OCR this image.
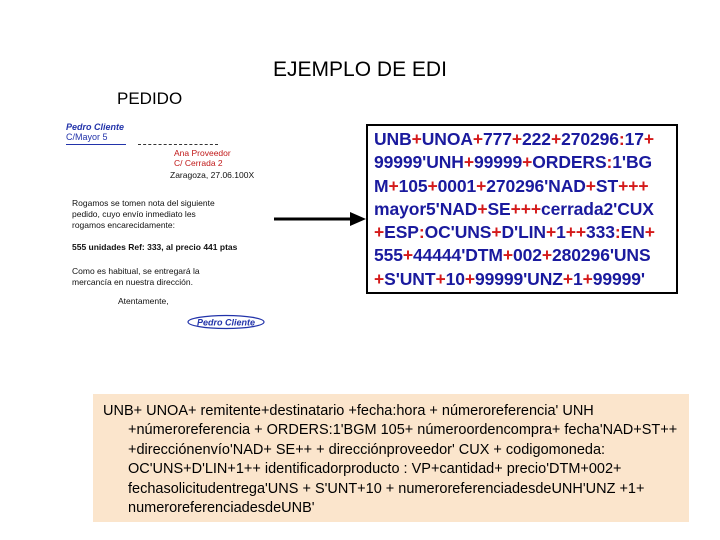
EJEMPLO DE EDI
PEDIDO
Pedro Cliente
C/Mayor 5
Ana Proveedor
C/ Cerrada 2
Zaragoza, 27.06.100X
Rogamos se tomen nota del siguiente
pedido, cuyo envío inmediato les
rogamos encarecidamente:
555 unidades Ref: 333, al precio 441 ptas
Como es habitual, se entregará la
mercancía en nuestra dirección.
Atentamente,
Pedro Cliente
UNB+UNOA+777+222+270296:17+
99999'UNH+99999+ORDERS:1'BG
M+105+0001+270296'NAD+ST+++
mayor5'NAD+SE+++cerrada2'CUX
+ESP:OC'UNS+D'LIN+1++333:EN+
555+44444'DTM+002+280296'UNS
+S'UNT+10+99999'UNZ+1+99999'

UNB+ UNOA+ remitente+destinatario +fecha:hora + númeroreferencia' UNH +númeroreferencia + ORDERS:1'BGM 105+ númeroordencompra+ fecha'NAD+ST++ +direcciónenvío'NAD+ SE++ + direcciónproveedor' CUX + codigomoneda: OC'UNS+D'LIN+1++ identificadorproducto : VP+cantidad+ precio'DTM+002+ fechasolicitudentrega'UNS + S'UNT+10 + numeroreferenciadesdeUNH'UNZ +1+ numeroreferenciadesdeUNB'
